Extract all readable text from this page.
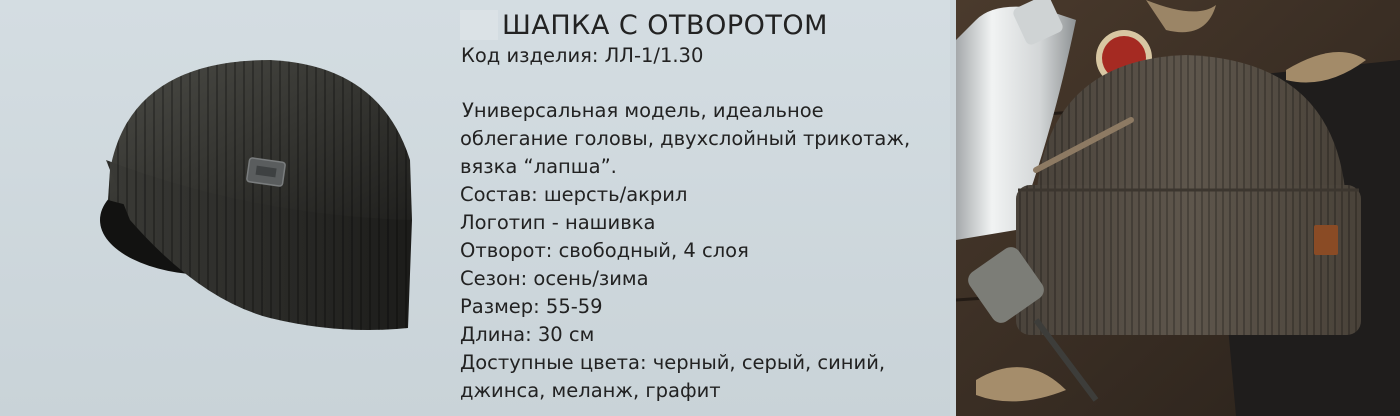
ШАПКА С ОТВОРОТОМ
Код изделия: ЛЛ-1/1.30
Универсальная модель, идеальное
облегание головы, двухслойный трикотаж,
вязка “лапша”.
Состав: шерсть/акрил
Логотип - нашивка
Отворот: свободный, 4 слоя
Сезон: осень/зима
Размер: 55-59
Длина: 30 см
Доступные цвета: черный, серый, синий,
джинса, меланж, графит
